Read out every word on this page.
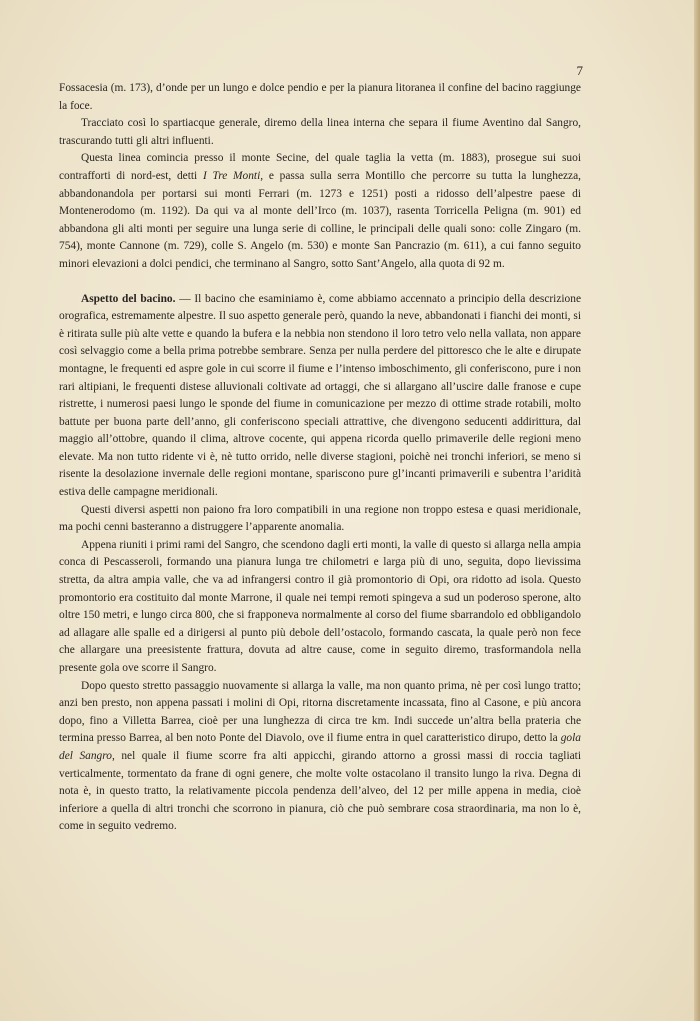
7

Fossacesia (m. 173), d’onde per un lungo e dolce pendio e per la pianura litoranea il confine del bacino raggiunge la foce.

Tracciato così lo spartiacque generale, diremo della linea interna che separa il fiume Aventino dal Sangro, trascurando tutti gli altri influenti.

Questa linea comincia presso il monte Secine, del quale taglia la vetta (m. 1883), prosegue sui suoi contrafforti di nord-est, detti I Tre Monti, e passa sulla serra Montillo che percorre su tutta la lunghezza, abbandonandola per portarsi sui monti Ferrari (m. 1273 e 1251) posti a ridosso dell’alpestre paese di Montenerodomo (m. 1192). Da qui va al monte dell’Irco (m. 1037), rasenta Torricella Peligna (m. 901) ed abbandona gli alti monti per seguire una lunga serie di colline, le principali delle quali sono: colle Zingaro (m. 754), monte Cannone (m. 729), colle S. Angelo (m. 530) e monte San Pancrazio (m. 611), a cui fanno seguito minori elevazioni a dolci pendici, che terminano al Sangro, sotto Sant’Angelo, alla quota di 92 m.

Aspetto del bacino. — Il bacino che esaminiamo è, come abbiamo accennato a principio della descrizione orografica, estremamente alpestre. Il suo aspetto generale però, quando la neve, abbandonati i fianchi dei monti, si è ritirata sulle più alte vette e quando la bufera e la nebbia non stendono il loro tetro velo nella vallata, non appare così selvaggio come a bella prima potrebbe sembrare. Senza per nulla perdere del pittoresco che le alte e dirupate montagne, le frequenti ed aspre gole in cui scorre il fiume e l’intenso imboschimento, gli conferiscono, pure i non rari altipiani, le frequenti distese alluvionali coltivate ad ortaggi, che si allargano all’uscire dalle franose e cupe ristrette, i numerosi paesi lungo le sponde del fiume in comunicazione per mezzo di ottime strade rotabili, molto battute per buona parte dell’anno, gli conferiscono speciali attrattive, che divengono seducenti addirittura, dal maggio all’ottobre, quando il clima, altrove cocente, qui appena ricorda quello primaverile delle regioni meno elevate. Ma non tutto ridente vi è, nè tutto orrido, nelle diverse stagioni, poichè nei tronchi inferiori, se meno si risente la desolazione invernale delle regioni montane, spariscono pure gl’incanti primaverili e subentra l’aridità estiva delle campagne meridionali.

Questi diversi aspetti non paiono fra loro compatibili in una regione non troppo estesa e quasi meridionale, ma pochi cenni basteranno a distruggere l’apparente anomalia.

Appena riuniti i primi rami del Sangro, che scendono dagli erti monti, la valle di questo si allarga nella ampia conca di Pescasseroli, formando una pianura lunga tre chilometri e larga più di uno, seguita, dopo lievissima stretta, da altra ampia valle, che va ad infrangersi contro il già promontorio di Opi, ora ridotto ad isola. Questo promontorio era costituito dal monte Marrone, il quale nei tempi remoti spingeva a sud un poderoso sperone, alto oltre 150 metri, e lungo circa 800, che si frapponeva normalmente al corso del fiume sbarrandolo ed obbligandolo ad allagare alle spalle ed a dirigersi al punto più debole dell’ostacolo, formando cascata, la quale però non fece che allargare una preesistente frattura, dovuta ad altre cause, come in seguito diremo, trasformandola nella presente gola ove scorre il Sangro.

Dopo questo stretto passaggio nuovamente si allarga la valle, ma non quanto prima, nè per così lungo tratto; anzi ben presto, non appena passati i molini di Opi, ritorna discretamente incassata, fino al Casone, e più ancora dopo, fino a Villetta Barrea, cioè per una lunghezza di circa tre km. Indi succede un’altra bella prateria che termina presso Barrea, al ben noto Ponte del Diavolo, ove il fiume entra in quel caratteristico dirupo, detto la gola del Sangro, nel quale il fiume scorre fra alti appicchi, girando attorno a grossi massi di roccia tagliati verticalmente, tormentato da frane di ogni genere, che molte volte ostacolano il transito lungo la riva. Degna di nota è, in questo tratto, la relativamente piccola pendenza dell’alveo, del 12 per mille appena in media, cioè inferiore a quella di altri tronchi che scorrono in pianura, ciò che può sembrare cosa straordinaria, ma non lo è, come in seguito vedremo.
